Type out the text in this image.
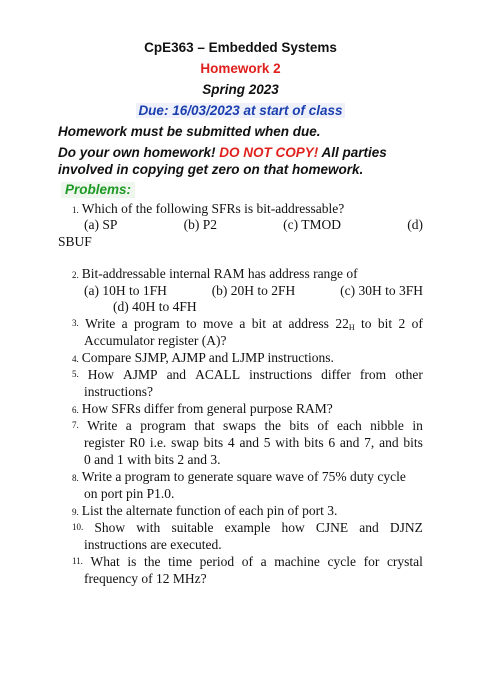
CpE363 – Embedded Systems
Homework 2
Spring 2023
Due: 16/03/2023 at start of class
Homework must be submitted when due.
Do your own homework! DO NOT COPY! All parties
involved in copying get zero on that homework.
Problems:
1. Which of the following SFRs is bit-addressable?
(a) SP	(b) P2	(c) TMOD	(d)
SBUF
2. Bit-addressable internal RAM has address range of
(a) 10H to 1FH	(b) 20H to 2FH	(c) 30H to 3FH
(d) 40H to 4FH
3. Write a program to move a bit at address $22_H$ to bit 2 of
Accumulator register (A)?
4. Compare SJMP, AJMP and LJMP instructions.
5. How AJMP and ACALL instructions differ from other
instructions?
6. How SFRs differ from general purpose RAM?
7. Write a program that swaps the bits of each nibble in
register R0 i.e. swap bits 4 and 5 with bits 6 and 7, and bits
0 and 1 with bits 2 and 3.
8. Write a program to generate square wave of 75% duty cycle
on port pin P1.0.
9. List the alternate function of each pin of port 3.
10. Show with suitable example how CJNE and DJNZ
instructions are executed.
11. What is the time period of a machine cycle for crystal
frequency of 12 MHz?
